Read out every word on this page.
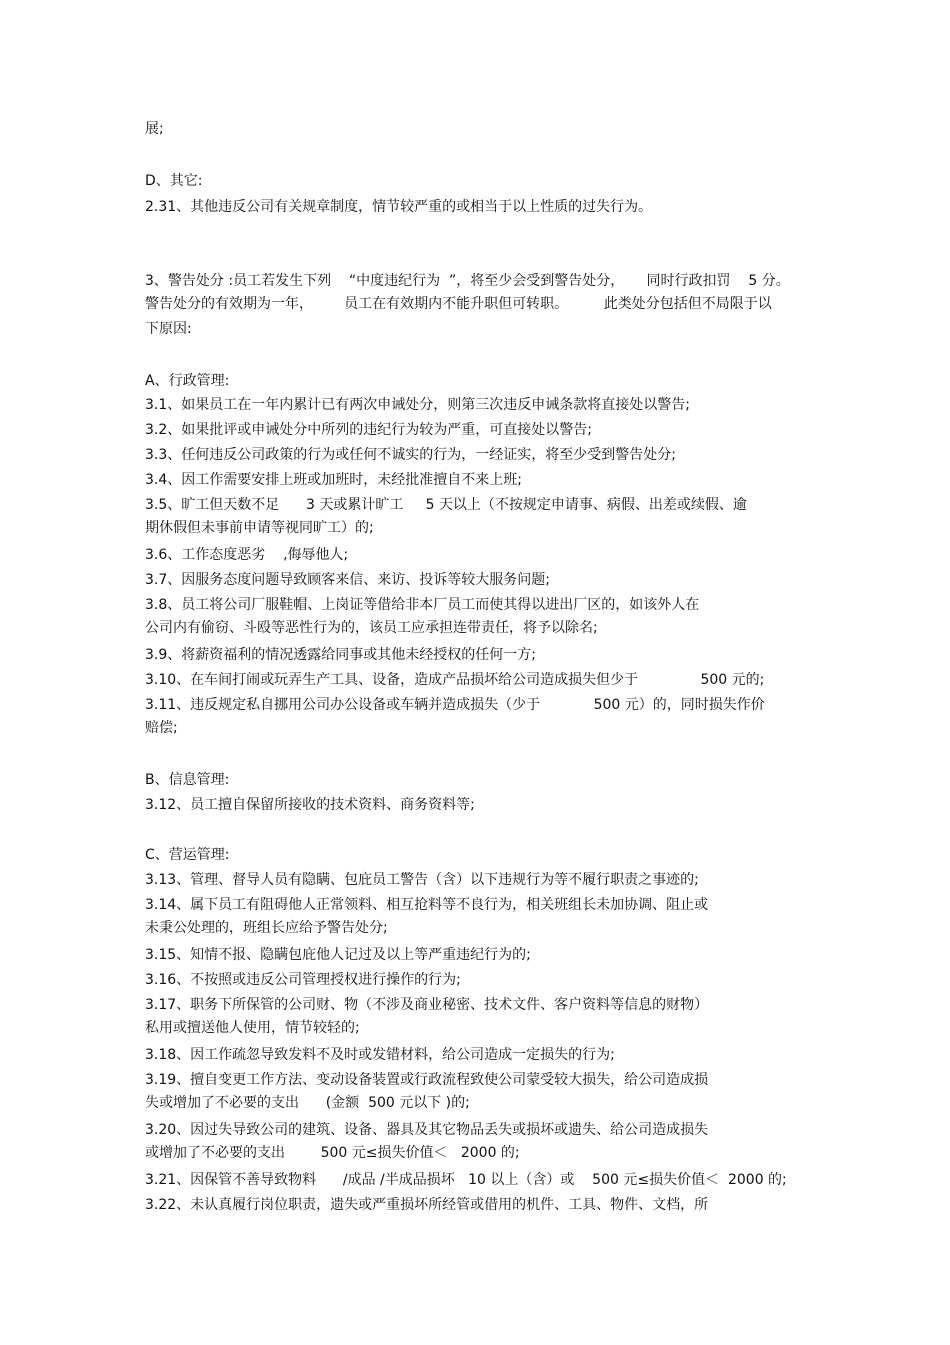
展;
D、其它:
2.31、其他违反公司有关规章制度，情节较严重的或相当于以上性质的过失行为。
3、警告处分 :员工若发生下列    “中度违纪行为  ”，将至少会受到警告处分，     同时行政扣罚    5 分。
警告处分的有效期为一年，       员工在有效期内不能升职但可转职。        此类处分包括但不局限于以
下原因:
A、行政管理:
3.1、如果员工在一年内累计已有两次申诫处分，则第三次违反申诫条款将直接处以警告;
3.2、如果批评或申诫处分中所列的违纪行为较为严重，可直接处以警告;
3.3、任何违反公司政策的行为或任何不诚实的行为，一经证实，将至少受到警告处分;
3.4、因工作需要安排上班或加班时，未经批准擅自不来上班;
3.5、旷工但天数不足      3 天或累计旷工     5 天以上（不按规定申请事、病假、出差或续假、逾
期休假但未事前申请等视同旷工）的;
3.6、工作态度恶劣    ,侮辱他人;
3.7、因服务态度问题导致顾客来信、来访、投诉等较大服务问题;
3.8、员工将公司厂服鞋帽、上岗证等借给非本厂员工而使其得以进出厂区的，如该外人在
公司内有偷窃、斗殴等恶性行为的，该员工应承担连带责任，将予以除名;
3.9、将薪资福利的情况透露给同事或其他未经授权的任何一方;
3.10、在车间打闹或玩弄生产工具、设备，造成产品损坏给公司造成损失但少于              500 元的;
3.11、违反规定私自挪用公司办公设备或车辆并造成损失（少于            500 元）的，同时损失作价
赔偿;
B、信息管理:
3.12、员工擅自保留所接收的技术资料、商务资料等;
C、营运管理:
3.13、管理、督导人员有隐瞒、包庇员工警告（含）以下违规行为等不履行职责之事迹的;
3.14、属下员工有阻碍他人正常领料、相互抢料等不良行为，相关班组长未加协调、阻止或
未秉公处理的，班组长应给予警告处分;
3.15、知情不报、隐瞒包庇他人记过及以上等严重违纪行为的;
3.16、不按照或违反公司管理授权进行操作的行为;
3.17、职务下所保管的公司财、物（不涉及商业秘密、技术文件、客户资料等信息的财物）
私用或擅送他人使用，情节较轻的;
3.18、因工作疏忽导致发料不及时或发错材料，给公司造成一定损失的行为;
3.19、擅自变更工作方法、变动设备装置或行政流程致使公司蒙受较大损失，给公司造成损
失或增加了不必要的支出      (金额  500 元以下 )的;
3.20、因过失导致公司的建筑、设备、器具及其它物品丢失或损坏或遗失、给公司造成损失
或增加了不必要的支出        500 元≤损失价值＜   2000 的;
3.21、因保管不善导致物料      /成品 /半成品损坏   10 以上（含）或    500 元≤损失价值＜  2000 的;
3.22、未认真履行岗位职责，遗失或严重损坏所经管或借用的机件、工具、物件、文档，所
